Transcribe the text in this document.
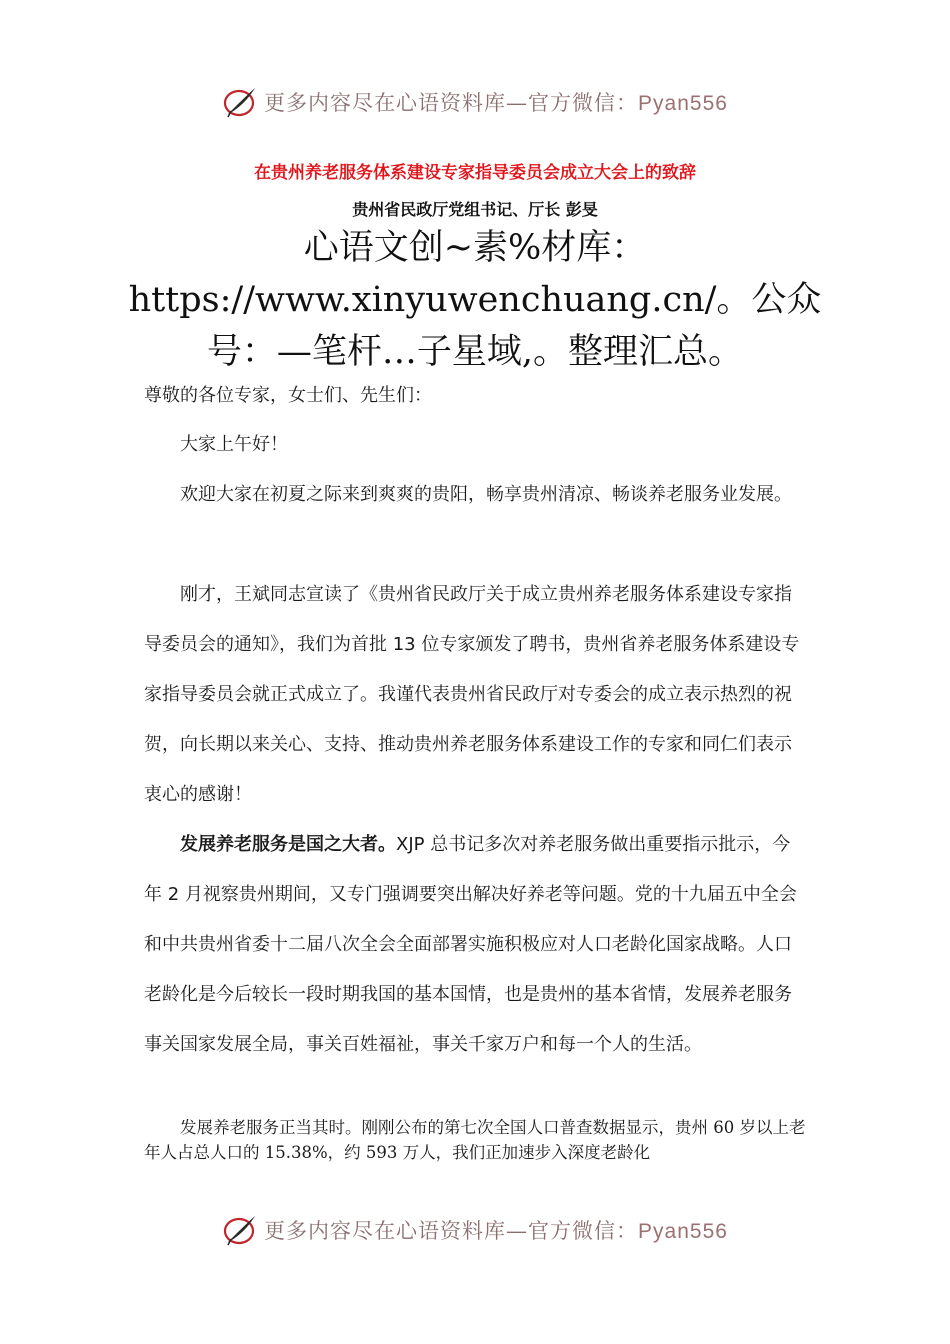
更多内容尽在心语资料库—官方微信：Pyan556
在贵州养老服务体系建设专家指导委员会成立大会上的致辞
贵州省民政厅党组书记、厅长 彭旻
心语文创~素%材库：https://www.xinyuwenchuang.cn/。公众号：—笔杆…子星域,。整理汇总。

尊敬的各位专家，女士们、先生们：

大家上午好！

欢迎大家在初夏之际来到爽爽的贵阳，畅享贵州清凉、畅谈养老服务业发展。

刚才，王斌同志宣读了《贵州省民政厅关于成立贵州养老服务体系建设专家指导委员会的通知》，我们为首批 13 位专家颁发了聘书，贵州省养老服务体系建设专家指导委员会就正式成立了。我谨代表贵州省民政厅对专委会的成立表示热烈的祝贺，向长期以来关心、支持、推动贵州养老服务体系建设工作的专家和同仁们表示衷心的感谢！

发展养老服务是国之大者。XJP 总书记多次对养老服务做出重要指示批示，今年 2 月视察贵州期间，又专门强调要突出解决好养老等问题。党的十九届五中全会和中共贵州省委十二届八次全会全面部署实施积极应对人口老龄化国家战略。人口老龄化是今后较长一段时期我国的基本国情，也是贵州的基本省情，发展养老服务事关国家发展全局，事关百姓福祉，事关千家万户和每一个人的生活。

发展养老服务正当其时。刚刚公布的第七次全国人口普查数据显示，贵州 60 岁以上老年人占总人口的 15.38%，约 593 万人，我们正加速步入深度老龄化
更多内容尽在心语资料库—官方微信：Pyan556
